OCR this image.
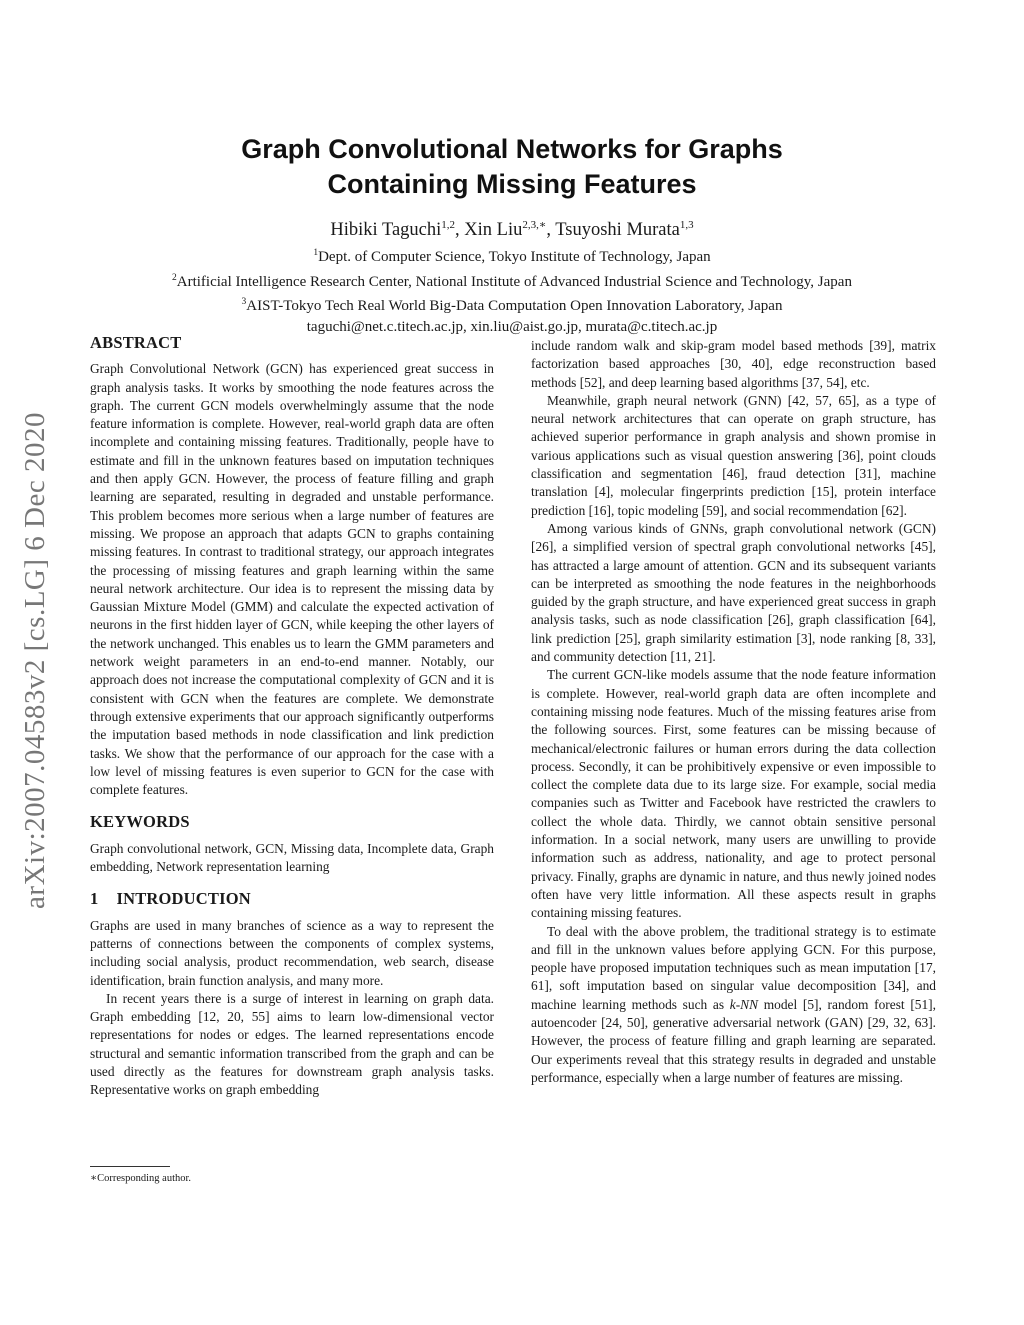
arXiv:2007.04583v2 [cs.LG] 6 Dec 2020
Graph Convolutional Networks for Graphs
Containing Missing Features
Hibiki Taguchi$^{1,2}$, Xin Liu$^{2,3,∗}$, Tsuyoshi Murata$^{1,3}$
$^1$Dept. of Computer Science, Tokyo Institute of Technology, Japan
$^2$Artificial Intelligence Research Center, National Institute of Advanced Industrial Science and Technology, Japan
$^3$AIST-Tokyo Tech Real World Big-Data Computation Open Innovation Laboratory, Japan
taguchi@net.c.titech.ac.jp, xin.liu@aist.go.jp, murata@c.titech.ac.jp
ABSTRACT

Graph Convolutional Network (GCN) has experienced great success in graph analysis tasks. It works by smoothing the node features across the graph. The current GCN models overwhelmingly assume that the node feature information is complete. However, real-world graph data are often incomplete and containing missing features. Traditionally, people have to estimate and fill in the unknown features based on imputation techniques and then apply GCN. However, the process of feature filling and graph learning are separated, resulting in degraded and unstable performance. This problem becomes more serious when a large number of features are missing. We propose an approach that adapts GCN to graphs containing missing features. In contrast to traditional strategy, our approach integrates the processing of missing features and graph learning within the same neural network architecture. Our idea is to represent the missing data by Gaussian Mixture Model (GMM) and calculate the expected activation of neurons in the first hidden layer of GCN, while keeping the other layers of the network unchanged. This enables us to learn the GMM parameters and network weight parameters in an end-to-end manner. Notably, our approach does not increase the computational complexity of GCN and it is consistent with GCN when the features are complete. We demonstrate through extensive experiments that our approach significantly outperforms the imputation based methods in node classification and link prediction tasks. We show that the performance of our approach for the case with a low level of missing features is even superior to GCN for the case with complete features.

KEYWORDS

Graph convolutional network, GCN, Missing data, Incomplete data, Graph embedding, Network representation learning

1 INTRODUCTION

Graphs are used in many branches of science as a way to represent the patterns of connections between the components of complex systems, including social analysis, product recommendation, web search, disease identification, brain function analysis, and many more.

In recent years there is a surge of interest in learning on graph data. Graph embedding [12, 20, 55] aims to learn low-dimensional vector representations for nodes or edges. The learned representations encode structural and semantic information transcribed from the graph and can be used directly as the features for downstream graph analysis tasks. Representative works on graph embedding

include random walk and skip-gram model based methods [39], matrix factorization based approaches [30, 40], edge reconstruction based methods [52], and deep learning based algorithms [37, 54], etc.

Meanwhile, graph neural network (GNN) [42, 57, 65], as a type of neural network architectures that can operate on graph structure, has achieved superior performance in graph analysis and shown promise in various applications such as visual question answering [36], point clouds classification and segmentation [46], fraud detection [31], machine translation [4], molecular fingerprints prediction [15], protein interface prediction [16], topic modeling [59], and social recommendation [62].

Among various kinds of GNNs, graph convolutional network (GCN) [26], a simplified version of spectral graph convolutional networks [45], has attracted a large amount of attention. GCN and its subsequent variants can be interpreted as smoothing the node features in the neighborhoods guided by the graph structure, and have experienced great success in graph analysis tasks, such as node classification [26], graph classification [64], link prediction [25], graph similarity estimation [3], node ranking [8, 33], and community detection [11, 21].

The current GCN-like models assume that the node feature information is complete. However, real-world graph data are often incomplete and containing missing node features. Much of the missing features arise from the following sources. First, some features can be missing because of mechanical/electronic failures or human errors during the data collection process. Secondly, it can be prohibitively expensive or even impossible to collect the complete data due to its large size. For example, social media companies such as Twitter and Facebook have restricted the crawlers to collect the whole data. Thirdly, we cannot obtain sensitive personal information. In a social network, many users are unwilling to provide information such as address, nationality, and age to protect personal privacy. Finally, graphs are dynamic in nature, and thus newly joined nodes often have very little information. All these aspects result in graphs containing missing features.

To deal with the above problem, the traditional strategy is to estimate and fill in the unknown values before applying GCN. For this purpose, people have proposed imputation techniques such as mean imputation [17, 61], soft imputation based on singular value decomposition [34], and machine learning methods such as k-NN model [5], random forest [51], autoencoder [24, 50], generative adversarial network (GAN) [29, 32, 63]. However, the process of feature filling and graph learning are separated. Our experiments reveal that this strategy results in degraded and unstable performance, especially when a large number of features are missing.

∗Corresponding author.
